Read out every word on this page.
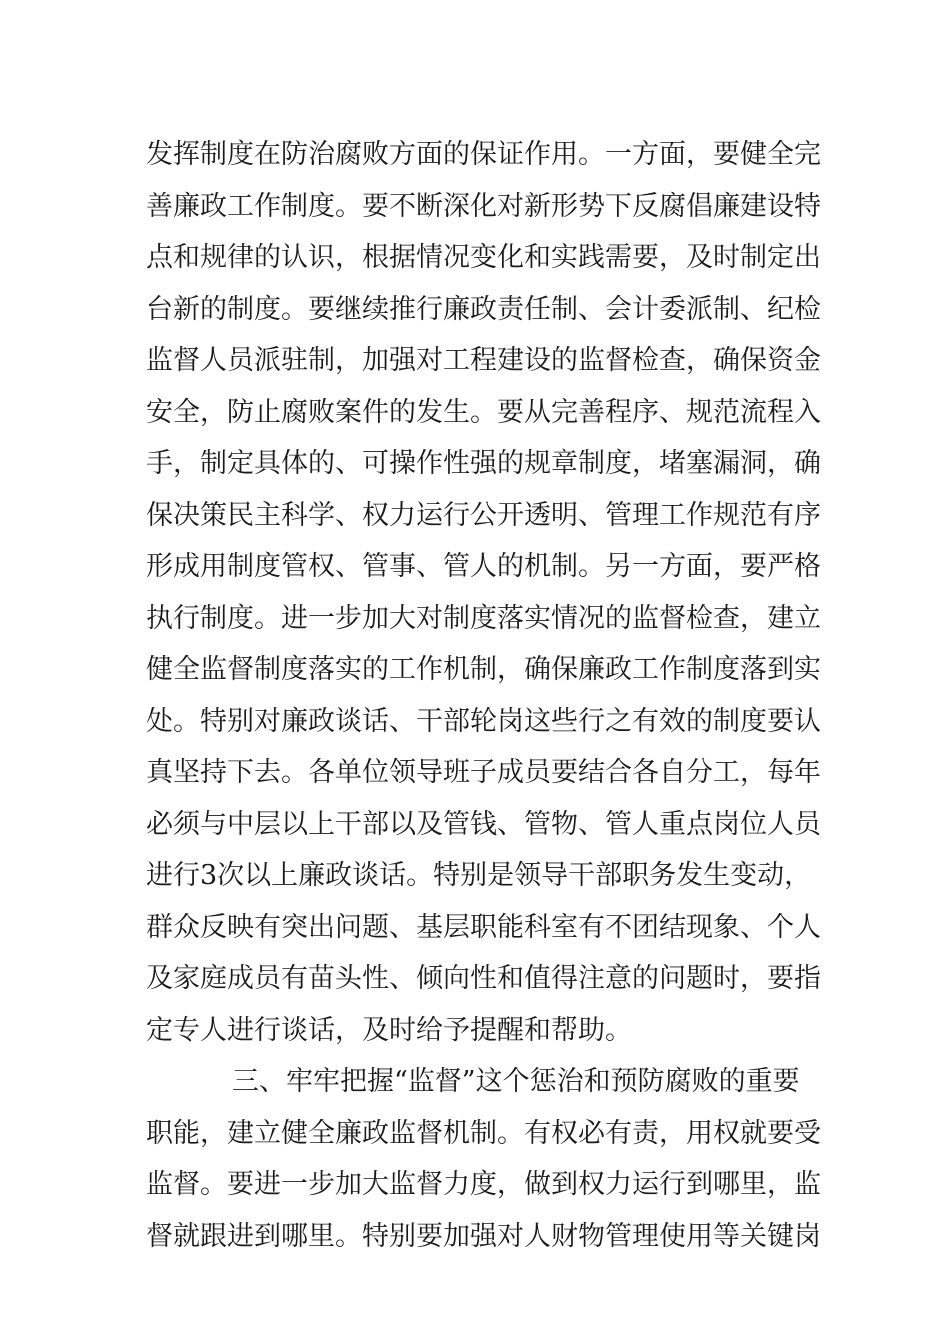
发挥制度在防治腐败方面的保证作用。一方面，要健全完
善廉政工作制度。要不断深化对新形势下反腐倡廉建设特
点和规律的认识，根据情况变化和实践需要，及时制定出
台新的制度。要继续推行廉政责任制、会计委派制、纪检
监督人员派驻制，加强对工程建设的监督检查，确保资金
安全，防止腐败案件的发生。要从完善程序、规范流程入
手，制定具体的、可操作性强的规章制度，堵塞漏洞，确
保决策民主科学、权力运行公开透明、管理工作规范有序
形成用制度管权、管事、管人的机制。另一方面，要严格
执行制度。进一步加大对制度落实情况的监督检查，建立
健全监督制度落实的工作机制，确保廉政工作制度落到实
处。特别对廉政谈话、干部轮岗这些行之有效的制度要认
真坚持下去。各单位领导班子成员要结合各自分工，每年
必须与中层以上干部以及管钱、管物、管人重点岗位人员
进行3次以上廉政谈话。特别是领导干部职务发生变动，
群众反映有突出问题、基层职能科室有不团结现象、个人
及家庭成员有苗头性、倾向性和值得注意的问题时，要指
定专人进行谈话，及时给予提醒和帮助。
三、牢牢把握“监督”这个惩治和预防腐败的重要
职能，建立健全廉政监督机制。有权必有责，用权就要受
监督。要进一步加大监督力度，做到权力运行到哪里，监
督就跟进到哪里。特别要加强对人财物管理使用等关键岗
